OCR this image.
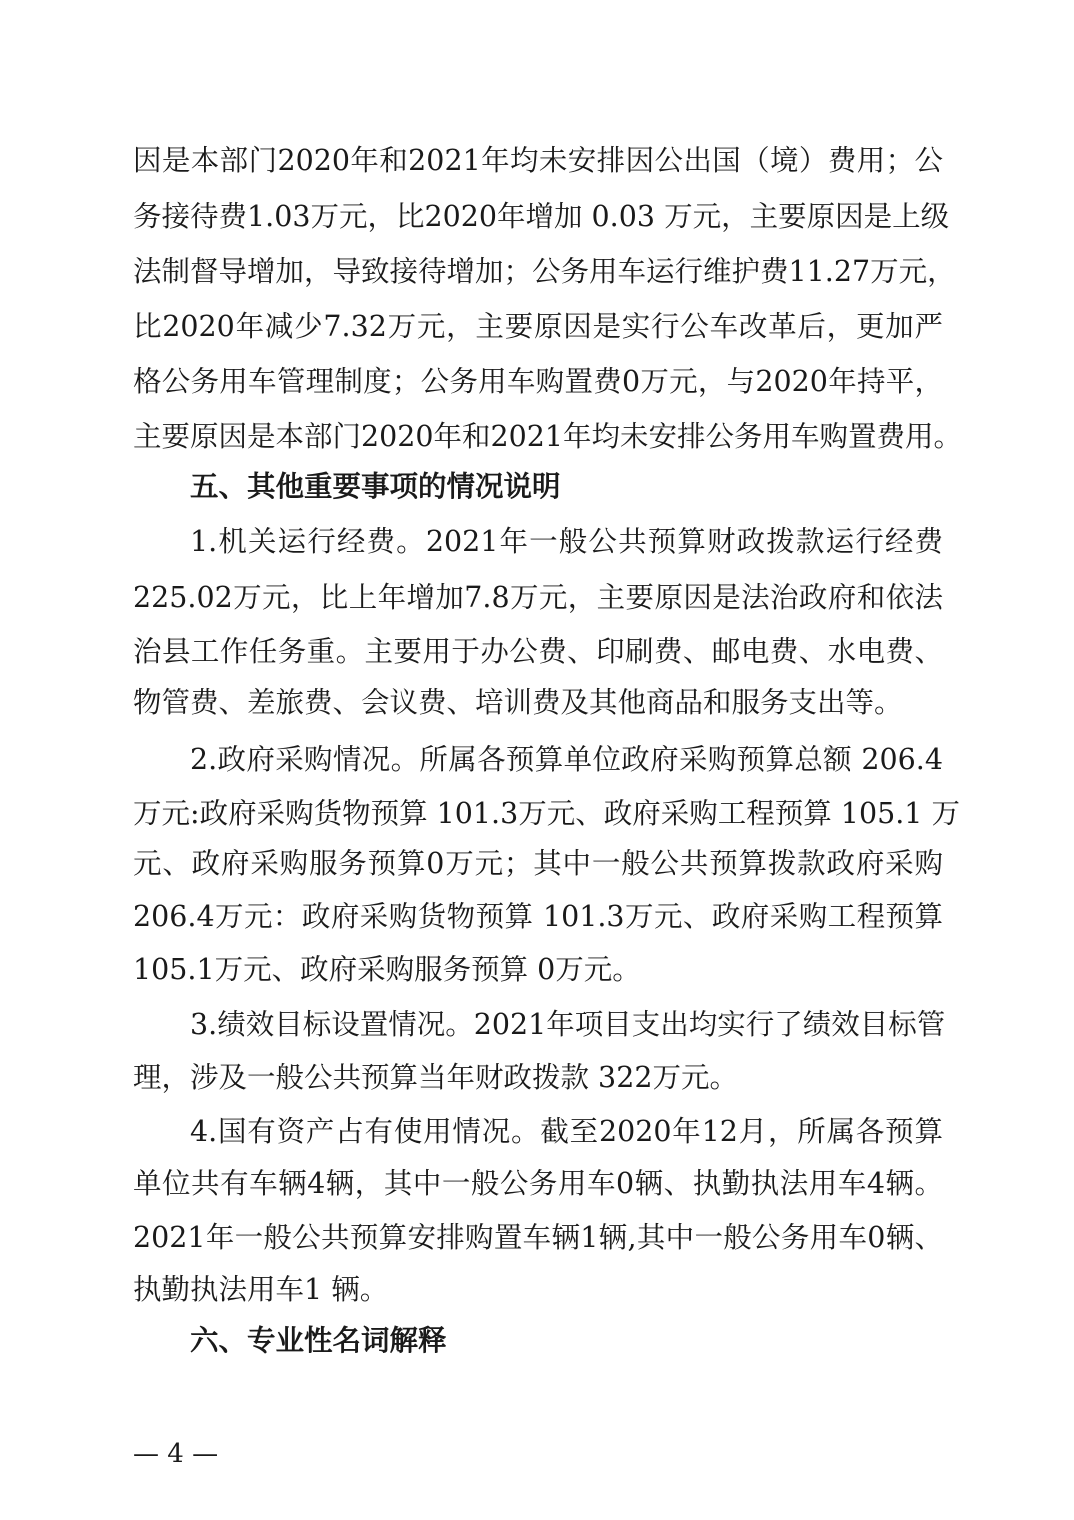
因是本部门2020年和2021年均未安排因公出国（境）费用；公
务接待费1.03万元，比2020年增加 0.03 万元，主要原因是上级
法制督导增加，导致接待增加；公务用车运行维护费11.27万元，
比2020年减少7.32万元，主要原因是实行公车改革后，更加严
格公务用车管理制度；公务用车购置费0万元，与2020年持平，
主要原因是本部门2020年和2021年均未安排公务用车购置费用。
五、其他重要事项的情况说明
1.机关运行经费。2021年一般公共预算财政拨款运行经费
225.02万元，比上年增加7.8万元，主要原因是法治政府和依法
治县工作任务重。主要用于办公费、印刷费、邮电费、水电费、
物管费、差旅费、会议费、培训费及其他商品和服务支出等。
2.政府采购情况。所属各预算单位政府采购预算总额 206.4
万元:政府采购货物预算 101.3万元、政府采购工程预算 105.1 万
元、政府采购服务预算0万元；其中一般公共预算拨款政府采购
206.4万元：政府采购货物预算 101.3万元、政府采购工程预算
105.1万元、政府采购服务预算 0万元。
3.绩效目标设置情况。2021年项目支出均实行了绩效目标管
理，涉及一般公共预算当年财政拨款 322万元。
4.国有资产占有使用情况。截至2020年12月，所属各预算
单位共有车辆4辆，其中一般公务用车0辆、执勤执法用车4辆。
2021年一般公共预算安排购置车辆1辆,其中一般公务用车0辆、
执勤执法用车1 辆。
六、专业性名词解释
— 4 —
